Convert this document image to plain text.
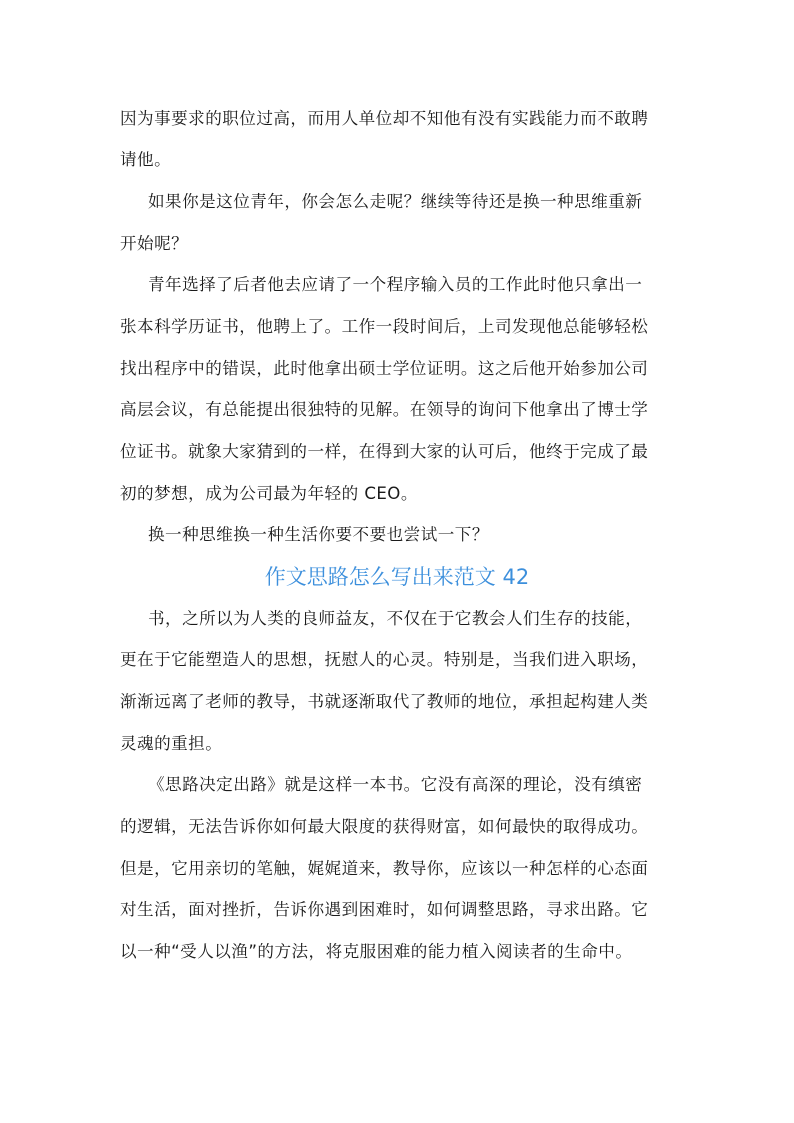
因为事要求的职位过高，而用人单位却不知他有没有实践能力而不敢聘
请他。
如果你是这位青年，你会怎么走呢？继续等待还是换一种思维重新
开始呢？
青年选择了后者他去应请了一个程序输入员的工作此时他只拿出一
张本科学历证书，他聘上了。工作一段时间后，上司发现他总能够轻松
找出程序中的错误，此时他拿出硕士学位证明。这之后他开始参加公司
高层会议，有总能提出很独特的见解。在领导的询问下他拿出了博士学
位证书。就象大家猜到的一样，在得到大家的认可后，他终于完成了最
初的梦想，成为公司最为年轻的 CEO。
换一种思维换一种生活你要不要也尝试一下？
作文思路怎么写出来范文 42
书，之所以为人类的良师益友，不仅在于它教会人们生存的技能，
更在于它能塑造人的思想，抚慰人的心灵。特别是，当我们进入职场，
渐渐远离了老师的教导，书就逐渐取代了教师的地位，承担起构建人类
灵魂的重担。
《思路决定出路》就是这样一本书。它没有高深的理论，没有缜密
的逻辑，无法告诉你如何最大限度的获得财富，如何最快的取得成功。
但是，它用亲切的笔触，娓娓道来，教导你，应该以一种怎样的心态面
对生活，面对挫折，告诉你遇到困难时，如何调整思路，寻求出路。它
以一种“受人以渔”的方法，将克服困难的能力植入阅读者的生命中。
